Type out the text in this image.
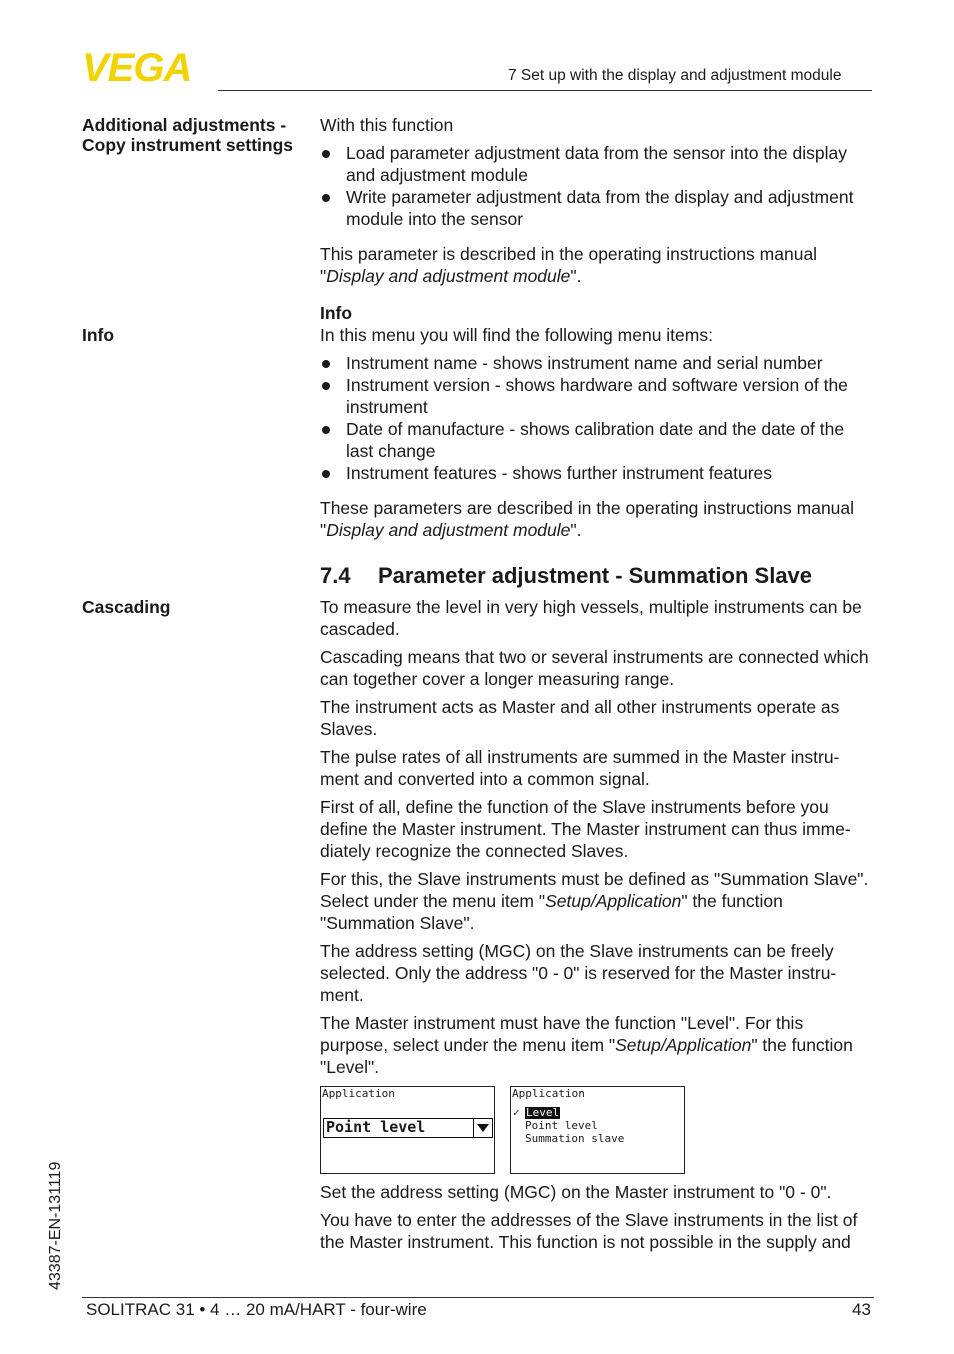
VEGA	7 Set up with the display and adjustment module
Additional adjustments - Copy instrument settings
Info
Cascading

With this function

Load parameter adjustment data from the sensor into the display and adjustment module
Write parameter adjustment data from the display and adjustment module into the sensor

This parameter is described in the operating instructions manual "Display and adjustment module".

Info

In this menu you will find the following menu items:

Instrument name - shows instrument name and serial number
Instrument version - shows hardware and software version of the instrument
Date of manufacture - shows calibration date and the date of the last change
Instrument features - shows further instrument features

These parameters are described in the operating instructions manual "Display and adjustment module".

7.4 Parameter adjustment - Summation Slave

To measure the level in very high vessels, multiple instruments can be cascaded.

Cascading means that two or several instruments are connected which can together cover a longer measuring range.

The instrument acts as Master and all other instruments operate as Slaves.

The pulse rates of all instruments are summed in the Master instru-ment and converted into a common signal.

First of all, define the function of the Slave instruments before you define the Master instrument. The Master instrument can thus imme-diately recognize the connected Slaves.

For this, the Slave instruments must be defined as "Summation Slave". Select under the menu item "Setup/Application" the function "Summation Slave".

The address setting (MGC) on the Slave instruments can be freely selected. Only the address "0 - 0" is reserved for the Master instru-ment.

The Master instrument must have the function "Level". For this purpose, select under the menu item "Setup/Application" the function "Level".

Application
Point level
Application
✓ Level
Point level
Summation slave

Set the address setting (MGC) on the Master instrument to "0 - 0".

You have to enter the addresses of the Slave instruments in the list of the Master instrument. This function is not possible in the supply and

43387-EN-131119
SOLITRAC 31 • 4 … 20 mA/HART - four-wire	43
